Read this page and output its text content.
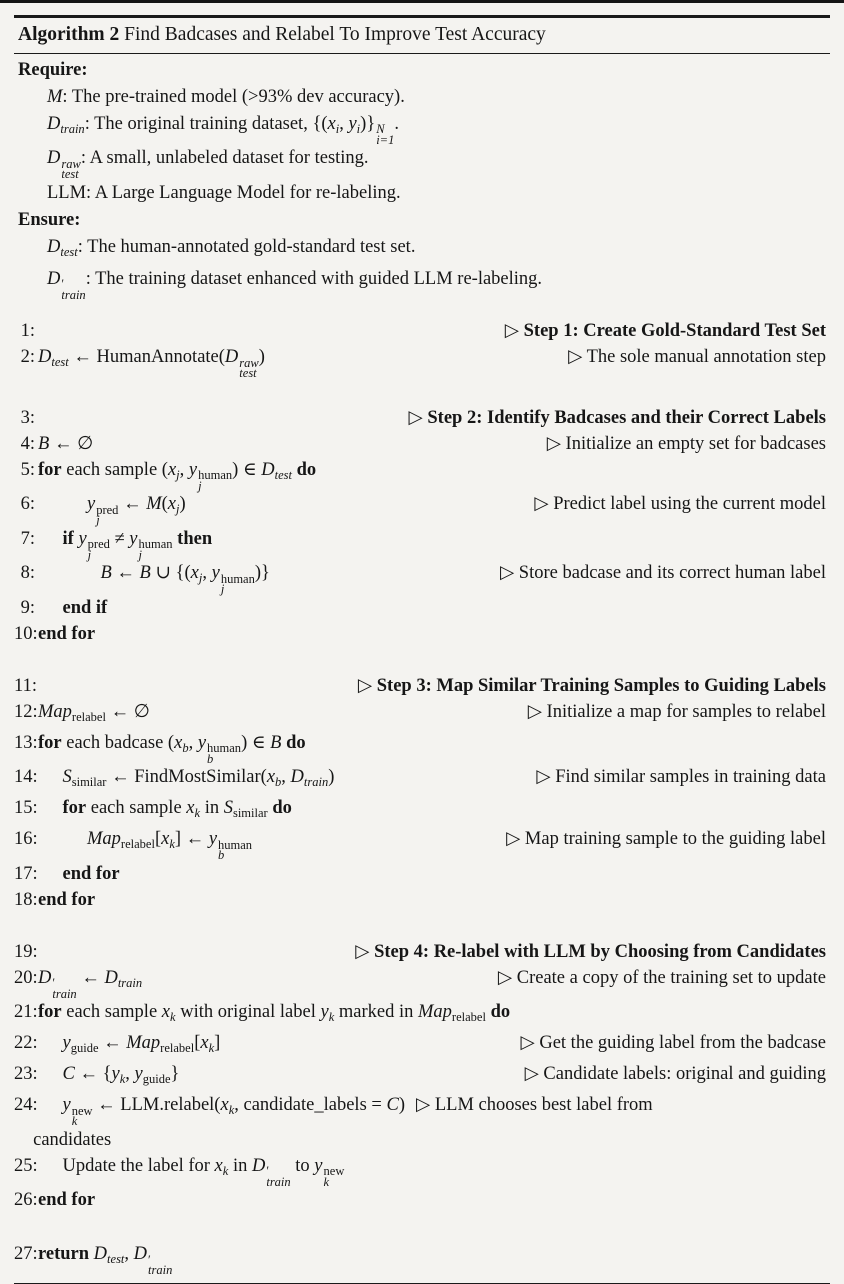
Algorithm 2 Find Badcases and Relabel To Improve Test Accuracy
Require:
M: The pre-trained model (>93% dev accuracy).
$D_{train}$: The original training dataset, {($x_i$, $y_i$)} N
i=1
.
D raw
test
: A small, unlabeled dataset for testing.
LLM: A Large Language Model for re-labeling.
Ensure:
$D_{test}$: The human-annotated gold-standard test set.
D ′
train
: The training dataset enhanced with guided LLM re-labeling.
1:	▷ Step 1: Create Gold-Standard Test Set
2: $D_{test}$ ← HumanAnnotate(D raw
test
)	▷ The sole manual annotation step
3:	▷ Step 2: Identify Badcases and their Correct Labels
4: B ← ∅	▷ Initialize an empty set for badcases
5: for each sample ($x_j$, y human
j
) ∈ $D_{test}$ do
6:	y pred
j
← $M(x_j)$	▷ Predict label using the current model
7: if y pred
j
≠ y human
j
then
8:	B ← B ∪ {($x_j$, y human
j
)}	▷ Store badcase and its correct human label
9: end if
10: end for
11:	▷ Step 3: Map Similar Training Samples to Guiding Labels
12: Map$_{relabel}$ ← ∅	▷ Initialize a map for samples to relabel
13: for each badcase ($x_b$, y human
b
) ∈ B do
14: $S_{similar}$ ← $FindMostSimilar(x_b$, $D_{train}$)	▷ Find similar samples in training data
15: for each sample $x_k$ in $S_{similar}$ do
16:	$Map_{relabel}[x_k]$ ← y human
b
▷ Map training sample to the guiding label
17: end for
18: end for
19:	▷ Step 4: Re-label with LLM by Choosing from Candidates
20: D ′
train
← $D_{train}$	▷ Create a copy of the training set to update
21: for each sample $x_k$ with original label $y_k$ marked in Map$_{relabel}$ do
22: $y_{guide}$ ← $Map_{relabel}[x_k]$	▷ Get the guiding label from the badcase
23: C ← {$y_k$, $y_{guide}$}	▷ Candidate labels: original and guiding
24: y new
k
← $LLM.relabel(x_k$, candidate_labels = C) ▷ LLM chooses best label from
candidates
25: Update the label for $x_k$ in D ′
train
to y new
k
26: end for
27: return $D_{test}$, D ′
train
